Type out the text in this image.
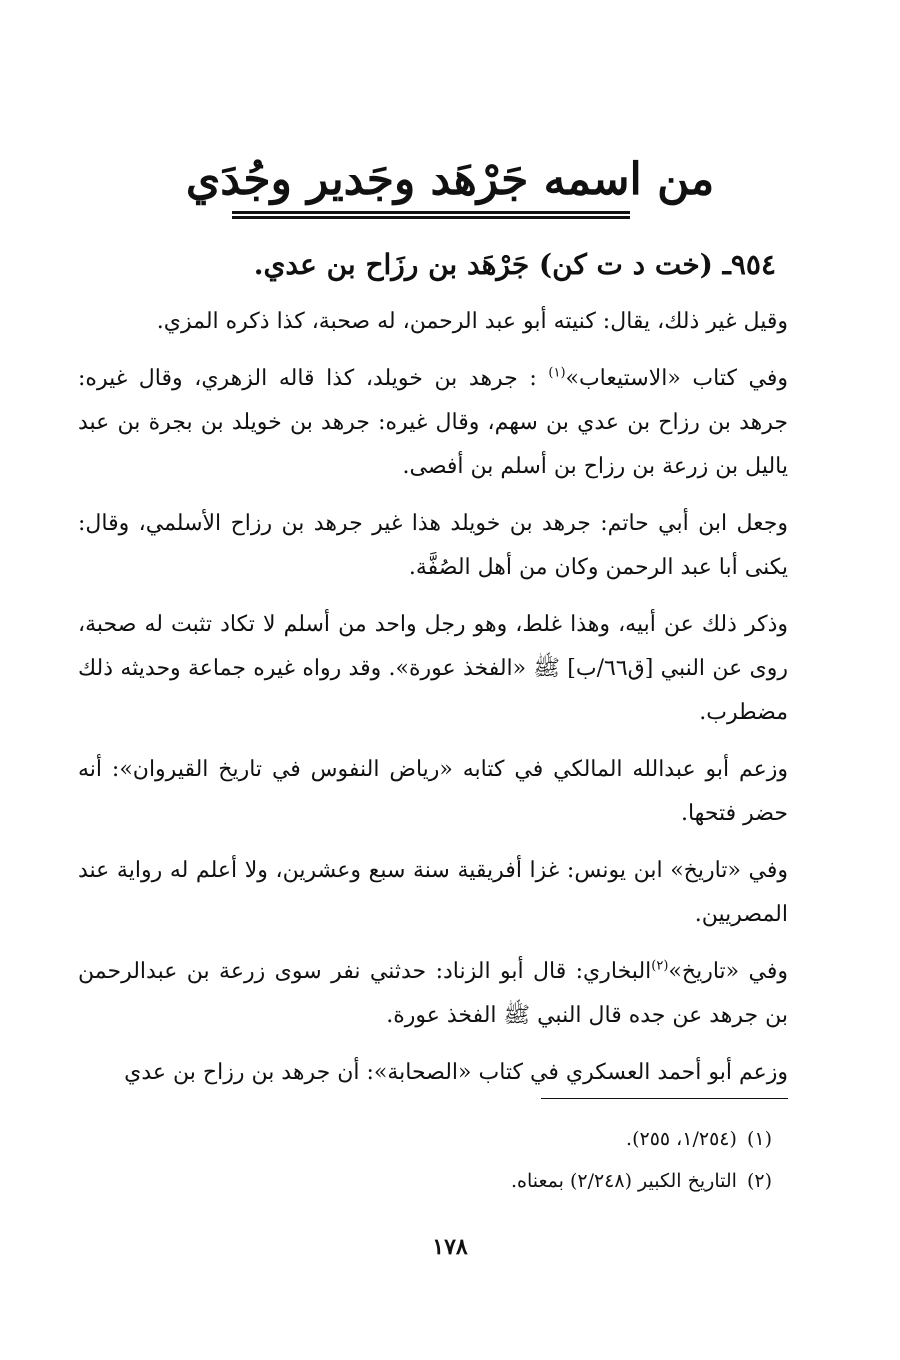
من اسمه جَرْهَد وجَدير وجُدَي
٩٥٤ـ (خت د ت كن) جَرْهَد بن رزَاح بن عدي.

وقيل غير ذلك، يقال: كنيته أبو عبد الرحمن، له صحبة، كذا ذكره المزي.

وفي كتاب «الاستيعاب»$^{(١)}$ : جرهد بن خويلد، كذا قاله الزهري، وقال غيره: جرهد بن رزاح بن عدي بن سهم، وقال غيره: جرهد بن خويلد بن بجرة بن عبد ياليل بن زرعة بن رزاح بن أسلم بن أفصى.

وجعل ابن أبي حاتم: جرهد بن خويلد هذا غير جرهد بن رزاح الأسلمي، وقال: يكنى أبا عبد الرحمن وكان من أهل الصُفَّة.

وذكر ذلك عن أبيه، وهذا غلط، وهو رجل واحد من أسلم لا تكاد تثبت له صحبة، روى عن النبي [ق٦٦/ب] ﷺ «الفخذ عورة». وقد رواه غيره جماعة وحديثه ذلك مضطرب.

وزعم أبو عبدالله المالكي في كتابه «رياض النفوس في تاريخ القيروان»: أنه حضر فتحها.

وفي «تاريخ» ابن يونس: غزا أفريقية سنة سبع وعشرين، ولا أعلم له رواية عند المصريين.

وفي «تاريخ»$^{(٢)}$البخاري: قال أبو الزناد: حدثني نفر سوى زرعة بن عبدالرحمن بن جرهد عن جده قال النبي ﷺ الفخذ عورة.

وزعم أبو أحمد العسكري في كتاب «الصحابة»: أن جرهد بن رزاح بن عدي

(١)(١/٢٥٤، ٢٥٥).
(٢)التاريخ الكبير (٢/٢٤٨) بمعناه.
١٧٨
